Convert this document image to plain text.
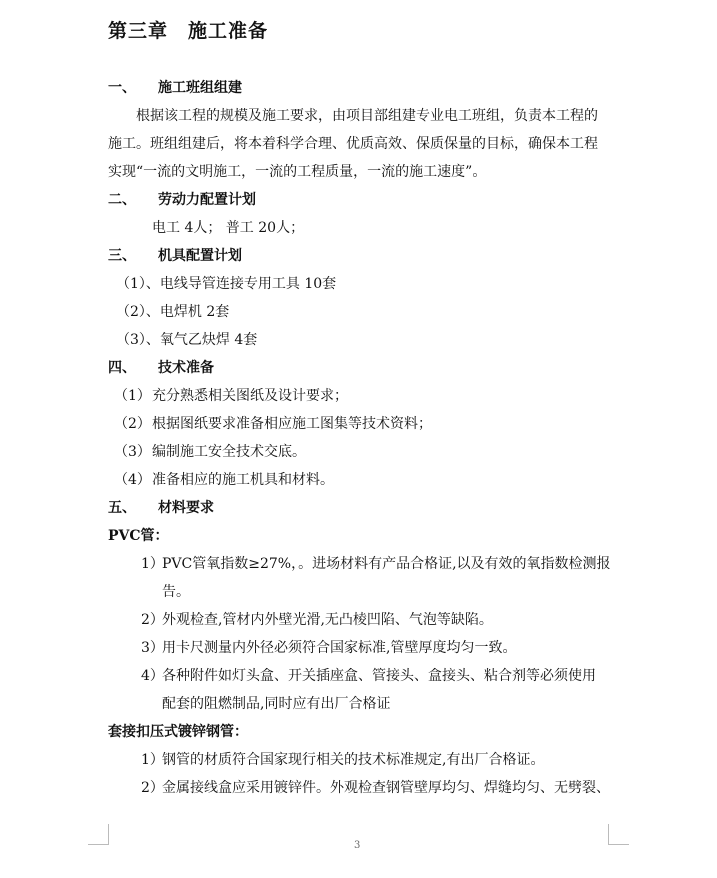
第三章　施工准备
一、 施工班组组建
根据该工程的规模及施工要求，由项目部组建专业电工班组，负责本工程的
施工。班组组建后，将本着科学合理、优质高效、保质保量的目标，确保本工程
实现“一流的文明施工，一流的工程质量，一流的施工速度”。
二、 劳动力配置计划
电工 4人； 普工 20人；
三、 机具配置计划
（1）、电线导管连接专用工具 10套
（2）、电焊机 2套
（3）、氧气乙炔焊 4套
四、 技术准备
（1） 充分熟悉相关图纸及设计要求；
（2） 根据图纸要求准备相应施工图集等技术资料；
（3） 编制施工安全技术交底。
（4） 准备相应的施工机具和材料。
五、 材料要求
PVC管：
1）
PVC管氧指数≥27%，。进场材料有产品合格证,以及有效的氧指数检测报
告。
2）
外观检查,管材内外壁光滑,无凸棱凹陷、气泡等缺陷。
3）
用卡尺测量内外径必须符合国家标准,管壁厚度均匀一致。
4）
各种附件如灯头盒、开关插座盒、管接头、盒接头、粘合剂等必须使用
配套的阻燃制品,同时应有出厂合格证
套接扣压式镀锌钢管：
1）
钢管的材质符合国家现行相关的技术标准规定,有出厂合格证。
2）
金属接线盒应采用镀锌件。外观检查钢管壁厚均匀、焊缝均匀、无劈裂、
3
